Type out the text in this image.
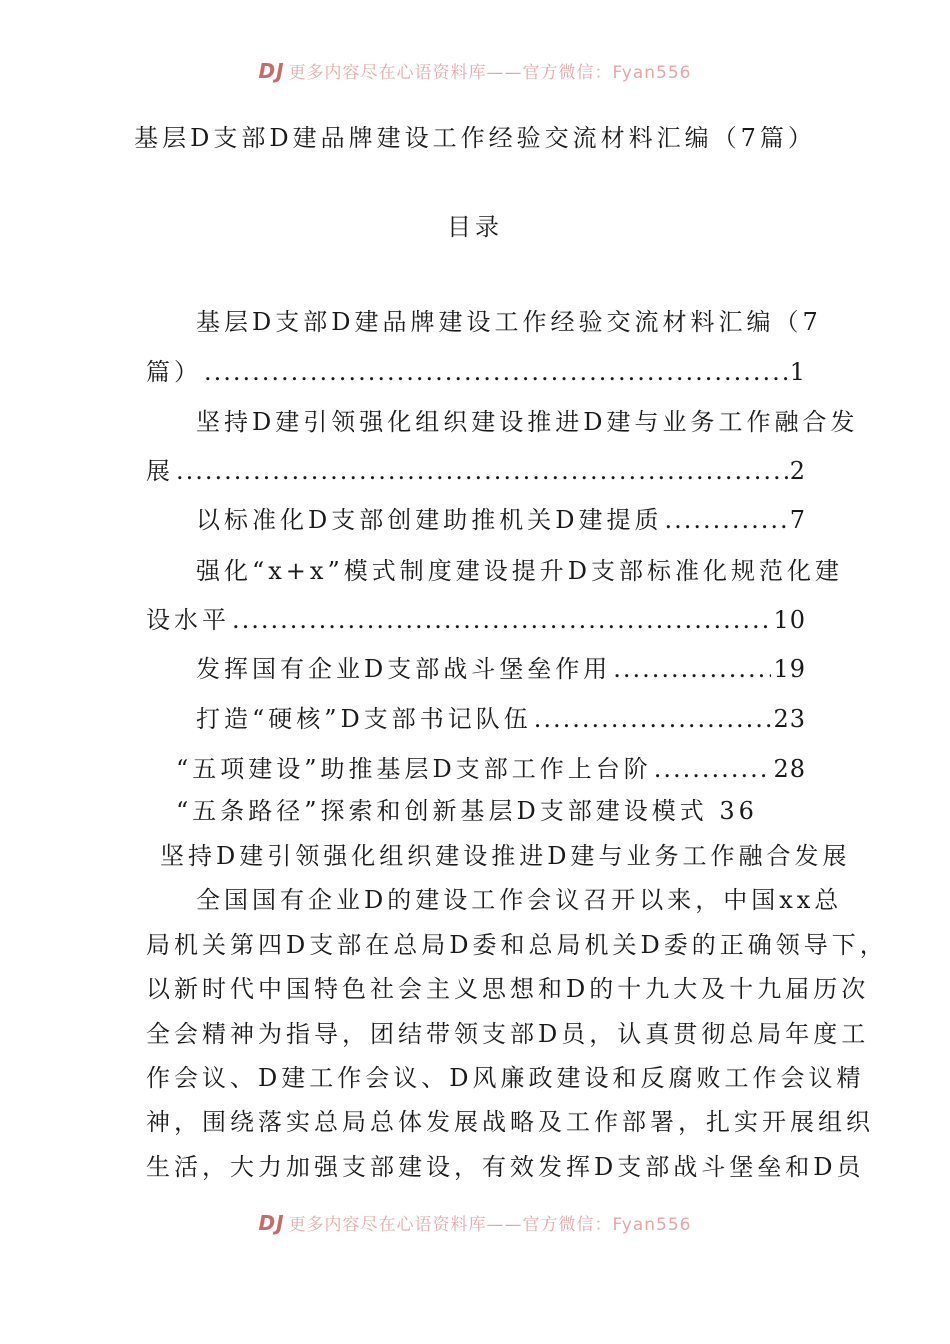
DJ 更多内容尽在心语资料库——官方微信：Fyan556
基层D支部D建品牌建设工作经验交流材料汇编（7篇）
目录
基层D支部D建品牌建设工作经验交流材料汇编（7
篇） .....	1
坚持D建引领强化组织建设推进D建与业务工作融合发
展 .....	2
以标准化D支部创建助推机关D建提质 .....	7
强化“x+x”模式制度建设提升D支部标准化规范化建
设水平 .....	10
发挥国有企业D支部战斗堡垒作用 .....	19
打造“硬核”D支部书记队伍 .....	23
“五项建设”助推基层D支部工作上台阶 .....	28
“五条路径”探索和创新基层D支部建设模式 36
坚持D建引领强化组织建设推进D建与业务工作融合发展
全国国有企业D的建设工作会议召开以来，中国xx总
局机关第四D支部在总局D委和总局机关D委的正确领导下，
以新时代中国特色社会主义思想和D的十九大及十九届历次
全会精神为指导，团结带领支部D员，认真贯彻总局年度工
作会议、D建工作会议、D风廉政建设和反腐败工作会议精
神，围绕落实总局总体发展战略及工作部署，扎实开展组织
生活，大力加强支部建设，有效发挥D支部战斗堡垒和D员
DJ 更多内容尽在心语资料库——官方微信：Fyan556
